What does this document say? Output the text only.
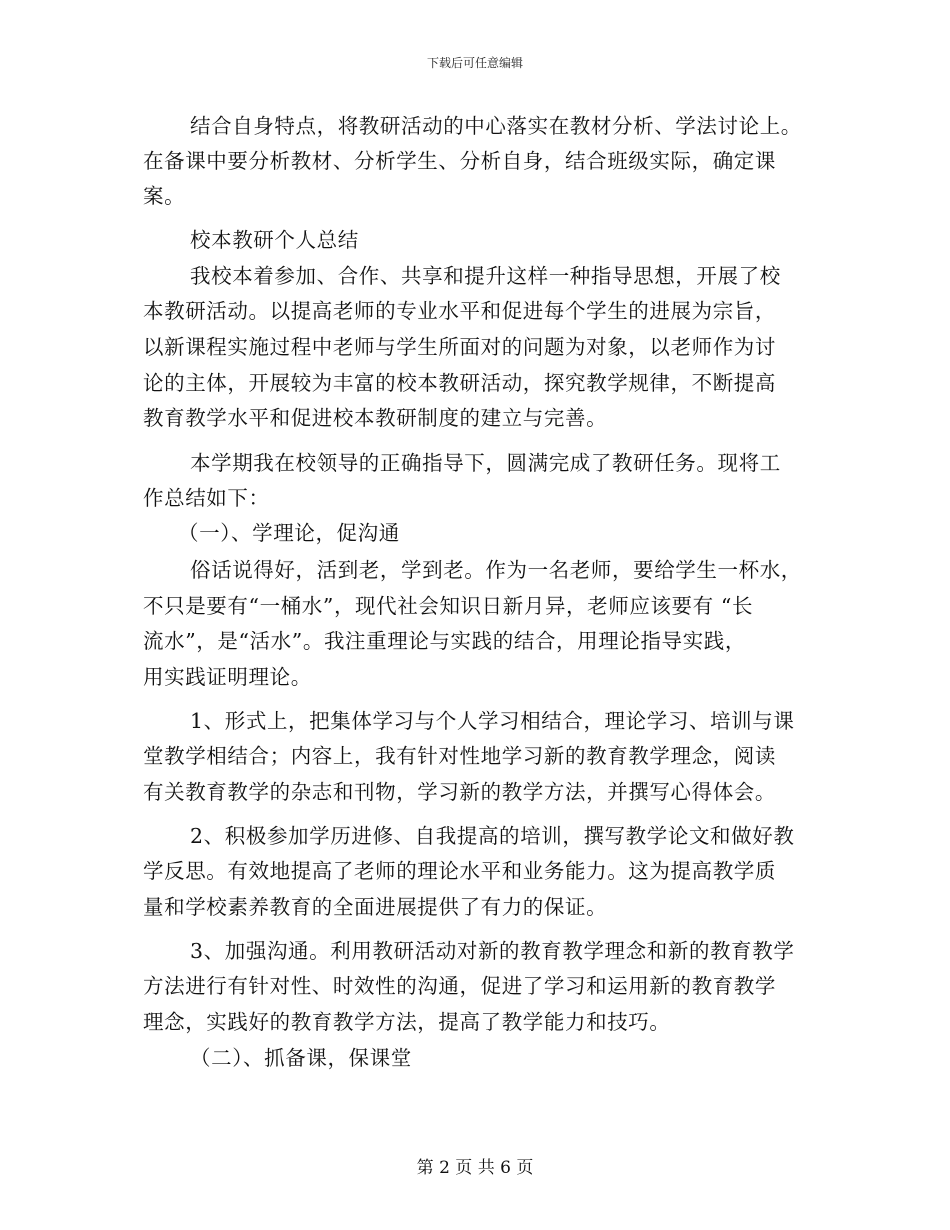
下载后可任意编辑
结合自身特点，将教研活动的中心落实在教材分析、学法讨论上。
在备课中要分析教材、分析学生、分析自身，结合班级实际，确定课
案。
校本教研个人总结
我校本着参加、合作、共享和提升这样一种指导思想，开展了校
本教研活动。以提高老师的专业水平和促进每个学生的进展为宗旨，
以新课程实施过程中老师与学生所面对的问题为对象，以老师作为讨
论的主体，开展较为丰富的校本教研活动，探究教学规律，不断提高
教育教学水平和促进校本教研制度的建立与完善。
本学期我在校领导的正确指导下，圆满完成了教研任务。现将工
作总结如下：
（一）、学理论，促沟通
俗话说得好，活到老，学到老。作为一名老师，要给学生一杯水，
不只是要有“一桶水”，现代社会知识日新月异，老师应该要有 “长
流水”，是“活水”。我注重理论与实践的结合，用理论指导实践，
用实践证明理论。
1、形式上，把集体学习与个人学习相结合，理论学习、培训与课
堂教学相结合；内容上，我有针对性地学习新的教育教学理念，阅读
有关教育教学的杂志和刊物，学习新的教学方法，并撰写心得体会。
2、积极参加学历进修、自我提高的培训，撰写教学论文和做好教
学反思。有效地提高了老师的理论水平和业务能力。这为提高教学质
量和学校素养教育的全面进展提供了有力的保证。
3、加强沟通。利用教研活动对新的教育教学理念和新的教育教学
方法进行有针对性、时效性的沟通，促进了学习和运用新的教育教学
理念，实践好的教育教学方法，提高了教学能力和技巧。
（二）、抓备课，保课堂
第 2 页 共 6 页
